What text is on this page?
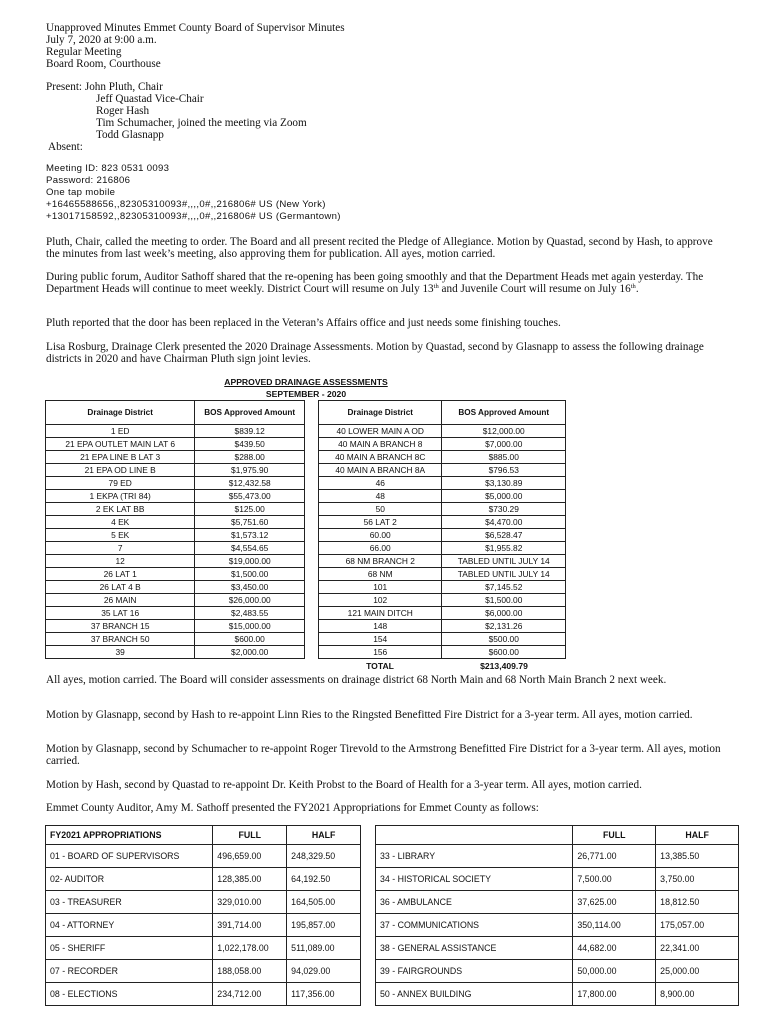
Unapproved Minutes Emmet County Board of Supervisor Minutes
July 7, 2020 at 9:00 a.m.
Regular Meeting
Board Room, Courthouse
Present: John Pluth, Chair
Jeff Quastad Vice-Chair
Roger Hash
Tim Schumacher, joined the meeting via Zoom
Todd Glasnapp
Absent:
Meeting ID: 823 0531 0093
Password: 216806
One tap mobile
+16465588656,,82305310093#,,,,0#,,216806# US (New York)
+13017158592,,82305310093#,,,,0#,,216806# US (Germantown)

Pluth, Chair, called the meeting to order. The Board and all present recited the Pledge of Allegiance. Motion by Quastad, second by Hash, to approve the minutes from last week’s meeting, also approving them for publication. All ayes, motion carried.

During public forum, Auditor Sathoff shared that the re-opening has been going smoothly and that the Department Heads met again yesterday. The Department Heads will continue to meet weekly. District Court will resume on July 13th and Juvenile Court will resume on July 16th.

Pluth reported that the door has been replaced in the Veteran’s Affairs office and just needs some finishing touches.

Lisa Rosburg, Drainage Clerk presented the 2020 Drainage Assessments. Motion by Quastad, second by Glasnapp to assess the following drainage districts in 2020 and have Chairman Pluth sign joint levies.

APPROVED DRAINAGE ASSESSMENTS
SEPTEMBER - 2020
Drainage District	BOS Approved Amount
1 ED	$839.12
21 EPA OUTLET MAIN LAT 6	$439.50
21 EPA LINE B LAT 3	$288.00
21 EPA OD LINE B	$1,975.90
79 ED	$12,432.58
1 EKPA (TRI 84)	$55,473.00
2 EK LAT BB	$125.00
4 EK	$5,751.60
5 EK	$1,573.12
7	$4,554.65
12	$19,000.00
26 LAT 1	$1,500.00
26 LAT 4 B	$3,450.00
26 MAIN	$26,000.00
35 LAT 16	$2,483.55
37 BRANCH 15	$15,000.00
37 BRANCH 50	$600.00
39	$2,000.00
Drainage District	BOS Approved Amount
40 LOWER MAIN A OD	$12,000.00
40 MAIN A BRANCH 8	$7,000.00
40 MAIN A BRANCH 8C	$885.00
40 MAIN A BRANCH 8A	$796.53
46	$3,130.89
48	$5,000.00
50	$730.29
56 LAT 2	$4,470.00
60.00	$6,528.47
66.00	$1,955.82
68 NM BRANCH 2	TABLED UNTIL JULY 14
68 NM	TABLED UNTIL JULY 14
101	$7,145.52
102	$1,500.00
121 MAIN DITCH	$6,000.00
148	$2,131.26
154	$500.00
156	$600.00
TOTAL	$213,409.79

All ayes, motion carried. The Board will consider assessments on drainage district 68 North Main and 68 North Main Branch 2 next week.

Motion by Glasnapp, second by Hash to re-appoint Linn Ries to the Ringsted Benefitted Fire District for a 3-year term. All ayes, motion carried.

Motion by Glasnapp, second by Schumacher to re-appoint Roger Tirevold to the Armstrong Benefitted Fire District for a 3-year term. All ayes, motion carried.

Motion by Hash, second by Quastad to re-appoint Dr. Keith Probst to the Board of Health for a 3-year term. All ayes, motion carried.

Emmet County Auditor, Amy M. Sathoff presented the FY2021 Appropriations for Emmet County as follows:

FY2021 APPROPRIATIONS	FULL	HALF
01 - BOARD OF SUPERVISORS	496,659.00	248,329.50
02- AUDITOR	128,385.00	64,192.50
03 - TREASURER	329,010.00	164,505.00
04 - ATTORNEY	391,714.00	195,857.00
05 - SHERIFF	1,022,178.00	511,089.00
07 - RECORDER	188,058.00	94,029.00
08 - ELECTIONS	234,712.00	117,356.00
	FULL	HALF
33 - LIBRARY	26,771.00	13,385.50
34 - HISTORICAL SOCIETY	7,500.00	3,750.00
36 - AMBULANCE	37,625.00	18,812.50
37 - COMMUNICATIONS	350,114.00	175,057.00
38 - GENERAL ASSISTANCE	44,682.00	22,341.00
39 - FAIRGROUNDS	50,000.00	25,000.00
50 - ANNEX BUILDING	17,800.00	8,900.00
